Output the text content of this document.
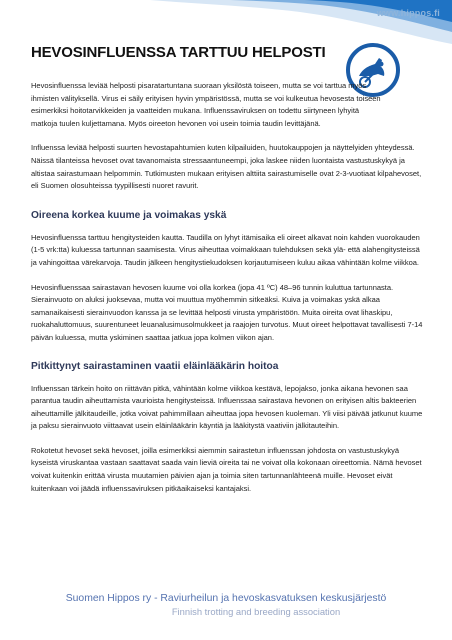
www.hippos.fi
HEVOSINFLUENSSA TARTTUU HELPOSTI

Hevosinfluenssa leviää helposti pisaratartuntana suoraan yksilöstä toiseen, mutta se voi tarttua myös ihmisten välityksellä. Virus ei säily erityisen hyvin ympäristössä, mutta se voi kulkeutua hevosesta toiseen esimerkiksi hoitotarvikkeiden ja vaatteiden mukana. Influenssaviruksen on todettu siirtyneen lyhyitä matkoja tuulen kuljettamana. Myös oireeton hevonen voi usein toimia taudin levittäjänä.

Influenssa leviää helposti suurten hevostapahtumien kuten kilpailuiden, huutokauppojen ja näyttelyiden yhteydessä. Näissä tilanteissa hevoset ovat tavanomaista stressaantuneempi, joka laskee niiden luontaista vastustuskykyä ja altistaa sairastumaan helpommin. Tutkimusten mukaan erityisen alttiita sairastumiselle ovat 2-3-vuotiaat kilpahevoset, eli Suomen olosuhteissa tyypillisesti nuoret ravurit.

Oireena korkea kuume ja voimakas yskä

Hevosinfluenssa tarttuu hengitysteiden kautta. Taudilla on lyhyt itämisaika eli oireet alkavat noin kahden vuorokauden (1-5 vrk:tta) kuluessa tartunnan saamisesta. Virus aiheuttaa voimakkaan tulehduksen sekä ylä- että alahengitysteissä ja vahingoittaa värekarvoja. Taudin jälkeen hengitystiekudoksen korjautumiseen kuluu aikaa vähintään kolme viikkoa.

Hevosinfluenssaa sairastavan hevosen kuume voi olla korkea (jopa 41 ºC) 48–96 tunnin kuluttua tartunnasta. Sierainvuoto on aluksi juoksevaa, mutta voi muuttua myöhemmin sitkeäksi. Kuiva ja voimakas yskä alkaa samanaikaisesti sierainvuodon kanssa ja se levittää helposti virusta ympäristöön. Muita oireita ovat lihaskipu, ruokahaluttomuus, suurentuneet leuanalusimusolmukkeet ja raajojen turvotus. Muut oireet helpottavat tavallisesti 7-14 päivän kuluessa, mutta yskiminen saattaa jatkua jopa kolmen viikon ajan.

Pitkittynyt sairastaminen vaatii eläinlääkärin hoitoa

Influenssan tärkein hoito on riittävän pitkä, vähintään kolme viikkoa kestävä, lepojakso, jonka aikana hevonen saa parantua taudin aiheuttamista vaurioista hengitysteissä. Influenssaa sairastava hevonen on erityisen altis bakteerien aiheuttamille jälkitaudeille, jotka voivat pahimmillaan aiheuttaa jopa hevosen kuoleman. Yli viisi päivää jatkunut kuume ja paksu sierainvuoto viittaavat usein eläinlääkärin käyntiä ja lääkitystä vaativiin jälkitauteihin.

Rokotetut hevoset sekä hevoset, joilla esimerkiksi aiemmin sairastetun influenssan johdosta on vastustuskykyä kyseistä viruskantaa vastaan saattavat saada vain lieviä oireita tai ne voivat olla kokonaan oireettomia. Nämä hevoset voivat kuitenkin erittää virusta muutamien päivien ajan ja toimia siten tartunnanlähteenä muille. Hevoset eivät kuitenkaan voi jäädä influenssaviruksen pitkäaikaiseksi kantajaksi.

Suomen Hippos ry - Raviurheilun ja hevoskasvatuksen keskusjärjestö
Finnish trotting and breeding association
